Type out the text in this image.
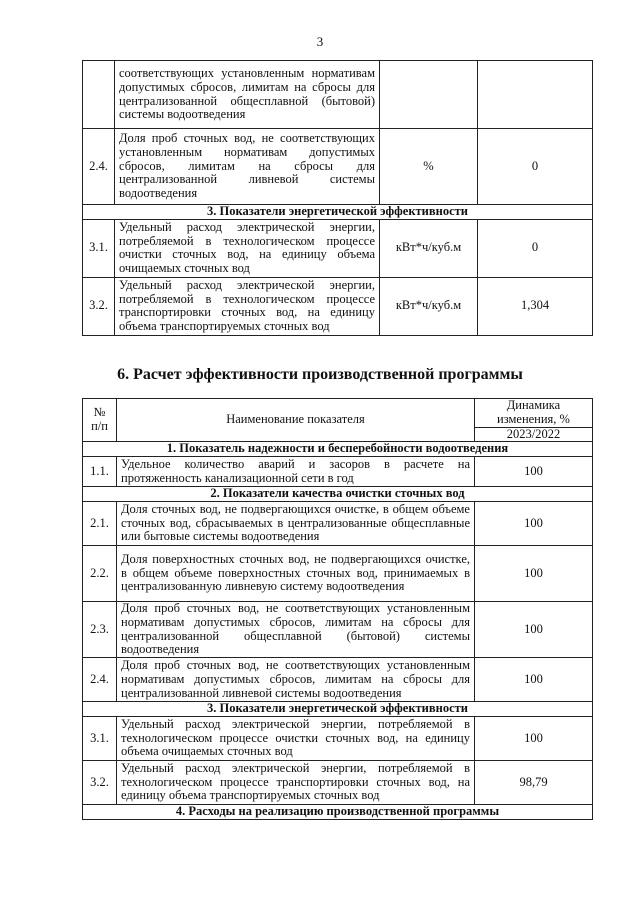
3
	соответствующих установленным нормативам допустимых сбросов, лимитам на сбросы для централизованной общесплавной (бытовой) системы водоотведения		
2.4.	Доля проб сточных вод, не соответствующих установленным нормативам допустимых сбросов, лимитам на сбросы для централизованной ливневой системы водоотведения	%	0
3. Показатели энергетической эффективности			
3.1.	Удельный расход электрической энергии, потребляемой в технологическом процессе очистки сточных вод, на единицу объема очищаемых сточных вод	кВт*ч/куб.м	0
3.2.	Удельный расход электрической энергии, потребляемой в технологическом процессе транспортировки сточных вод, на единицу объема транспортируемых сточных вод	кВт*ч/куб.м	1,304
6. Расчет эффективности производственной программы
№ п/п	Наименование показателя	Динамика изменения, %
		2023/2022
1. Показатель надежности и бесперебойности водоотведения		
1.1.	Удельное количество аварий и засоров в расчете на протяженность канализационной сети в год	100
2. Показатели качества очистки сточных вод		
2.1.	Доля сточных вод, не подвергающихся очистке, в общем объеме сточных вод, сбрасываемых в централизованные общесплавные или бытовые системы водоотведения	100
2.2.	Доля поверхностных сточных вод, не подвергающихся очистке, в общем объеме поверхностных сточных вод, принимаемых в централизованную ливневую систему водоотведения	100
2.3.	Доля проб сточных вод, не соответствующих установленным нормативам допустимых сбросов, лимитам на сбросы для централизованной общесплавной (бытовой) системы водоотведения	100
2.4.	Доля проб сточных вод, не соответствующих установленным нормативам допустимых сбросов, лимитам на сбросы для централизованной ливневой системы водоотведения	100
3. Показатели энергетической эффективности		
3.1.	Удельный расход электрической энергии, потребляемой в технологическом процессе очистки сточных вод, на единицу объема очищаемых сточных вод	100
3.2.	Удельный расход электрической энергии, потребляемой в технологическом процессе транспортировки сточных вод, на единицу объема транспортируемых сточных вод	98,79
4. Расходы на реализацию производственной программы		
